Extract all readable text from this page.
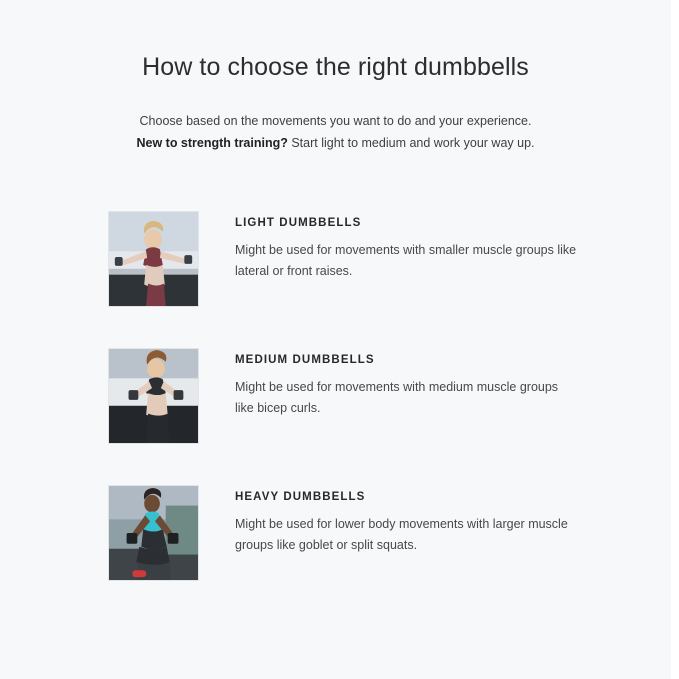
How to choose the right dumbbells
Choose based on the movements you want to do and your experience.
New to strength training? Start light to medium and work your way up.

LIGHT DUMBBELLS

Might be used for movements with smaller muscle groups like lateral or front raises.

MEDIUM DUMBBELLS

Might be used for movements with medium muscle groups like bicep curls.

HEAVY DUMBBELLS

Might be used for lower body movements with larger muscle groups like goblet or split squats.
